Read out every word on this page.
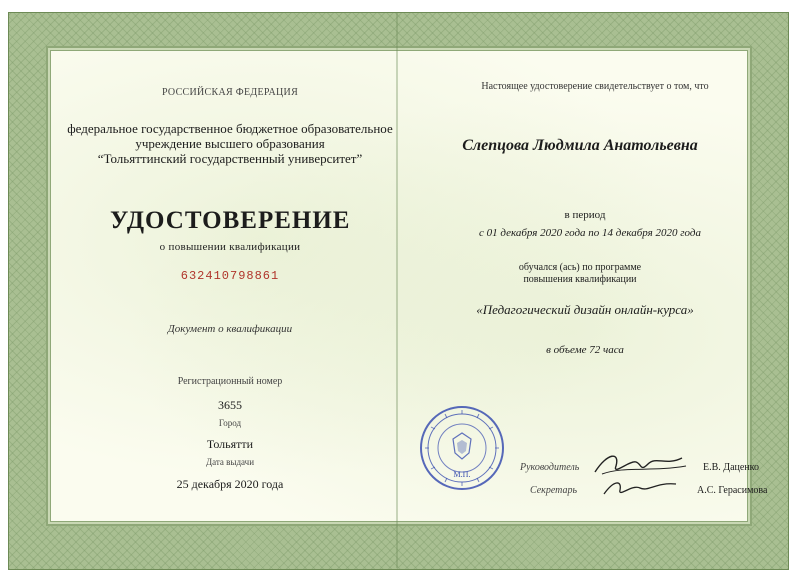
РОССИЙСКАЯ ФЕДЕРАЦИЯ
федеральное государственное бюджетное образовательное
учреждение высшего образования
“Тольяттинский государственный университет”
УДОСТОВЕРЕНИЕ
о повышении квалификации
632410798861
Документ о квалификации
Регистрационный номер
3655
Город
Тольятти
Дата выдачи
25 декабря 2020 года
Настоящее удостоверение свидетельствует о том, что
Слепцова Людмила Анатольевна
в период
с 01 декабря 2020 года по 14 декабря 2020 года
обучался (ась) по программе
повышения квалификации
«Педагогический дизайн онлайн-курса»
в объеме 72 часа
М.П.
Руководитель	Е.В. Даценко
Секретарь	А.С. Герасимова
